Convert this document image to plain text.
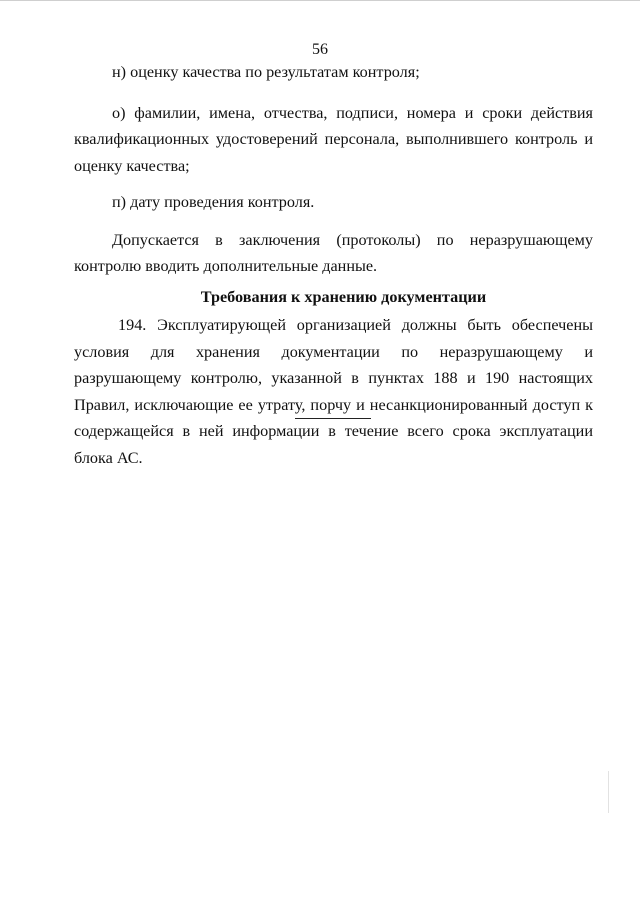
56

н) оценку качества по результатам контроля;

о) фамилии, имена, отчества, подписи, номера и сроки действия квалификационных удостоверений персонала, выполнившего контроль и оценку качества;

п) дату проведения контроля.

Допускается в заключения (протоколы) по неразрушающему контролю вводить дополнительные данные.

Требования к хранению документации

194. Эксплуатирующей организацией должны быть обеспечены условия для хранения документации по неразрушающему и разрушающему контролю, указанной в пунктах 188 и 190 настоящих Правил, исключающие ее утрату, порчу и несанкционированный доступ к содержащейся в ней информации в течение всего срока эксплуатации блока АС.
